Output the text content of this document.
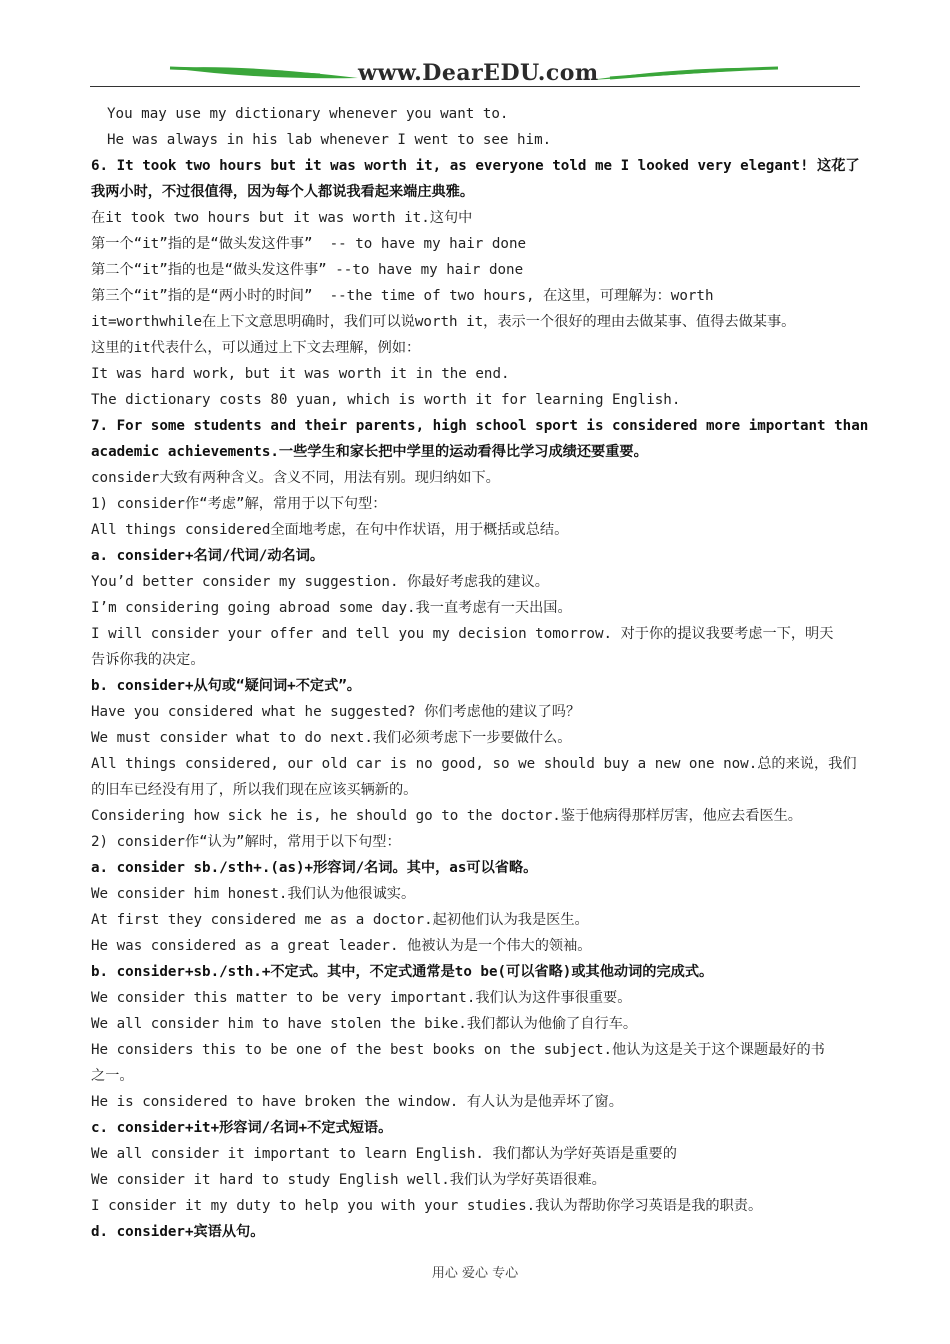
www.DearEDU.com
You may use my dictionary whenever you want to.
He was always in his lab whenever I went to see him.
6. It took two hours but it was worth it, as everyone told me I looked very elegant! 这花了
我两小时，不过很值得，因为每个人都说我看起来端庄典雅。
在it took two hours but it was worth it.这句中
第一个“it”指的是“做头发这件事”  -- to have my hair done
第二个“it”指的也是“做头发这件事” --to have my hair done
第三个“it”指的是“两小时的时间”  --the time of two hours, 在这里，可理解为：worth
it=worthwhile在上下文意思明确时，我们可以说worth it，表示一个很好的理由去做某事、值得去做某事。
这里的it代表什么，可以通过上下文去理解，例如：
It was hard work, but it was worth it in the end.
The dictionary costs 80 yuan, which is worth it for learning English.
7. For some students and their parents, high school sport is considered more important than
academic achievements.一些学生和家长把中学里的运动看得比学习成绩还要重要。
consider大致有两种含义。含义不同，用法有别。现归纳如下。
1) consider作“考虑”解，常用于以下句型：
All things considered全面地考虑，在句中作状语，用于概括或总结。
a. consider+名词/代词/动名词。
You’d better consider my suggestion. 你最好考虑我的建议。
I’m considering going abroad some day.我一直考虑有一天出国。
I will consider your offer and tell you my decision tomorrow. 对于你的提议我要考虑一下，明天
告诉你我的决定。
b. consider+从句或“疑问词+不定式”。
Have you considered what he suggested? 你们考虑他的建议了吗？
We must consider what to do next.我们必须考虑下一步要做什么。
All things considered, our old car is no good, so we should buy a new one now.总的来说，我们
的旧车已经没有用了，所以我们现在应该买辆新的。
Considering how sick he is, he should go to the doctor.鉴于他病得那样厉害，他应去看医生。
2) consider作“认为”解时，常用于以下句型：
a. consider sb./sth+.(as)+形容词/名词。其中，as可以省略。
We consider him honest.我们认为他很诚实。
At first they considered me as a doctor.起初他们认为我是医生。
He was considered as a great leader. 他被认为是一个伟大的领袖。
b. consider+sb./sth.+不定式。其中，不定式通常是to be(可以省略)或其他动词的完成式。
We consider this matter to be very important.我们认为这件事很重要。
We all consider him to have stolen the bike.我们都认为他偷了自行车。
He considers this to be one of the best books on the subject.他认为这是关于这个课题最好的书
之一。
He is considered to have broken the window. 有人认为是他弄坏了窗。
c. consider+it+形容词/名词+不定式短语。
We all consider it important to learn English. 我们都认为学好英语是重要的
We consider it hard to study English well.我们认为学好英语很难。
I consider it my duty to help you with your studies.我认为帮助你学习英语是我的职责。
d. consider+宾语从句。
用心 爱心 专心
